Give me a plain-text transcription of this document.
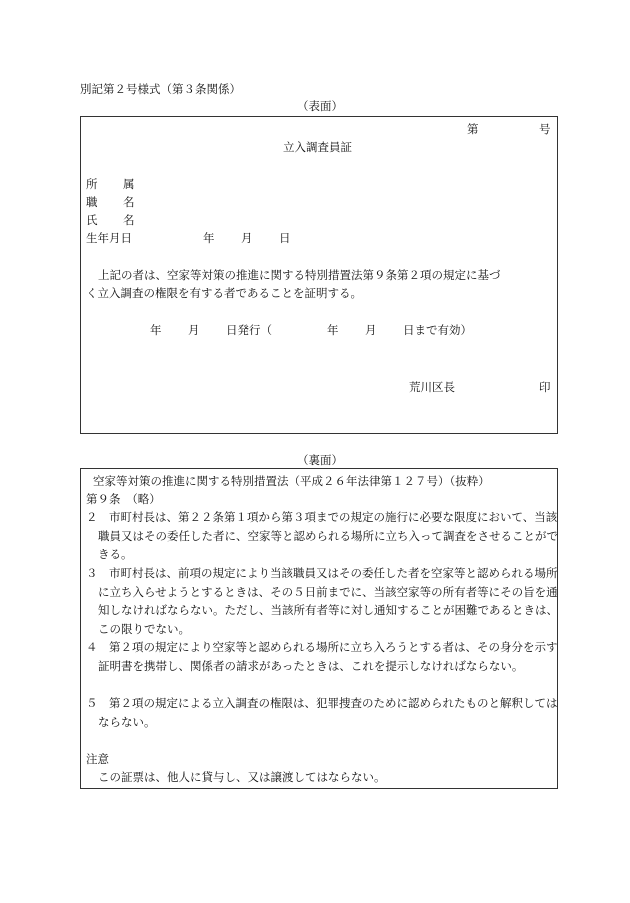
別記第２号様式（第３条関係）
（表面）
第	号
立入調査員証
所 属
職 名
氏 名
生年月日	年 月 日
上記の者は、空家等対策の推進に関する特別措置法第９条第２項の規定に基づ
く立入調査の権限を有する者であることを証明する。
年 月 日発行（	年 月 日まで有効）
荒川区長	印
（裏面）
空家等対策の推進に関する特別措置法（平成２６年法律第１２７号）（抜粋）
第９条　（略）
２　市町村長は、第２２条第１項から第３項までの規定の施行に必要な限度において、当該職員又はその委任した者に、空家等と認められる場所に立ち入って調査をさせることができる。
３　市町村長は、前項の規定により当該職員又はその委任した者を空家等と認められる場所に立ち入らせようとするときは、その５日前までに、当該空家等の所有者等にその旨を通知しなければならない。ただし、当該所有者等に対し通知することが困難であるときは、この限りでない。
４　第２項の規定により空家等と認められる場所に立ち入ろうとする者は、その身分を示す証明書を携帯し、関係者の請求があったときは、これを提示しなければならない。
５　第２項の規定による立入調査の権限は、犯罪捜査のために認められたものと解釈してはならない。
注意
この証票は、他人に貸与し、又は譲渡してはならない。
